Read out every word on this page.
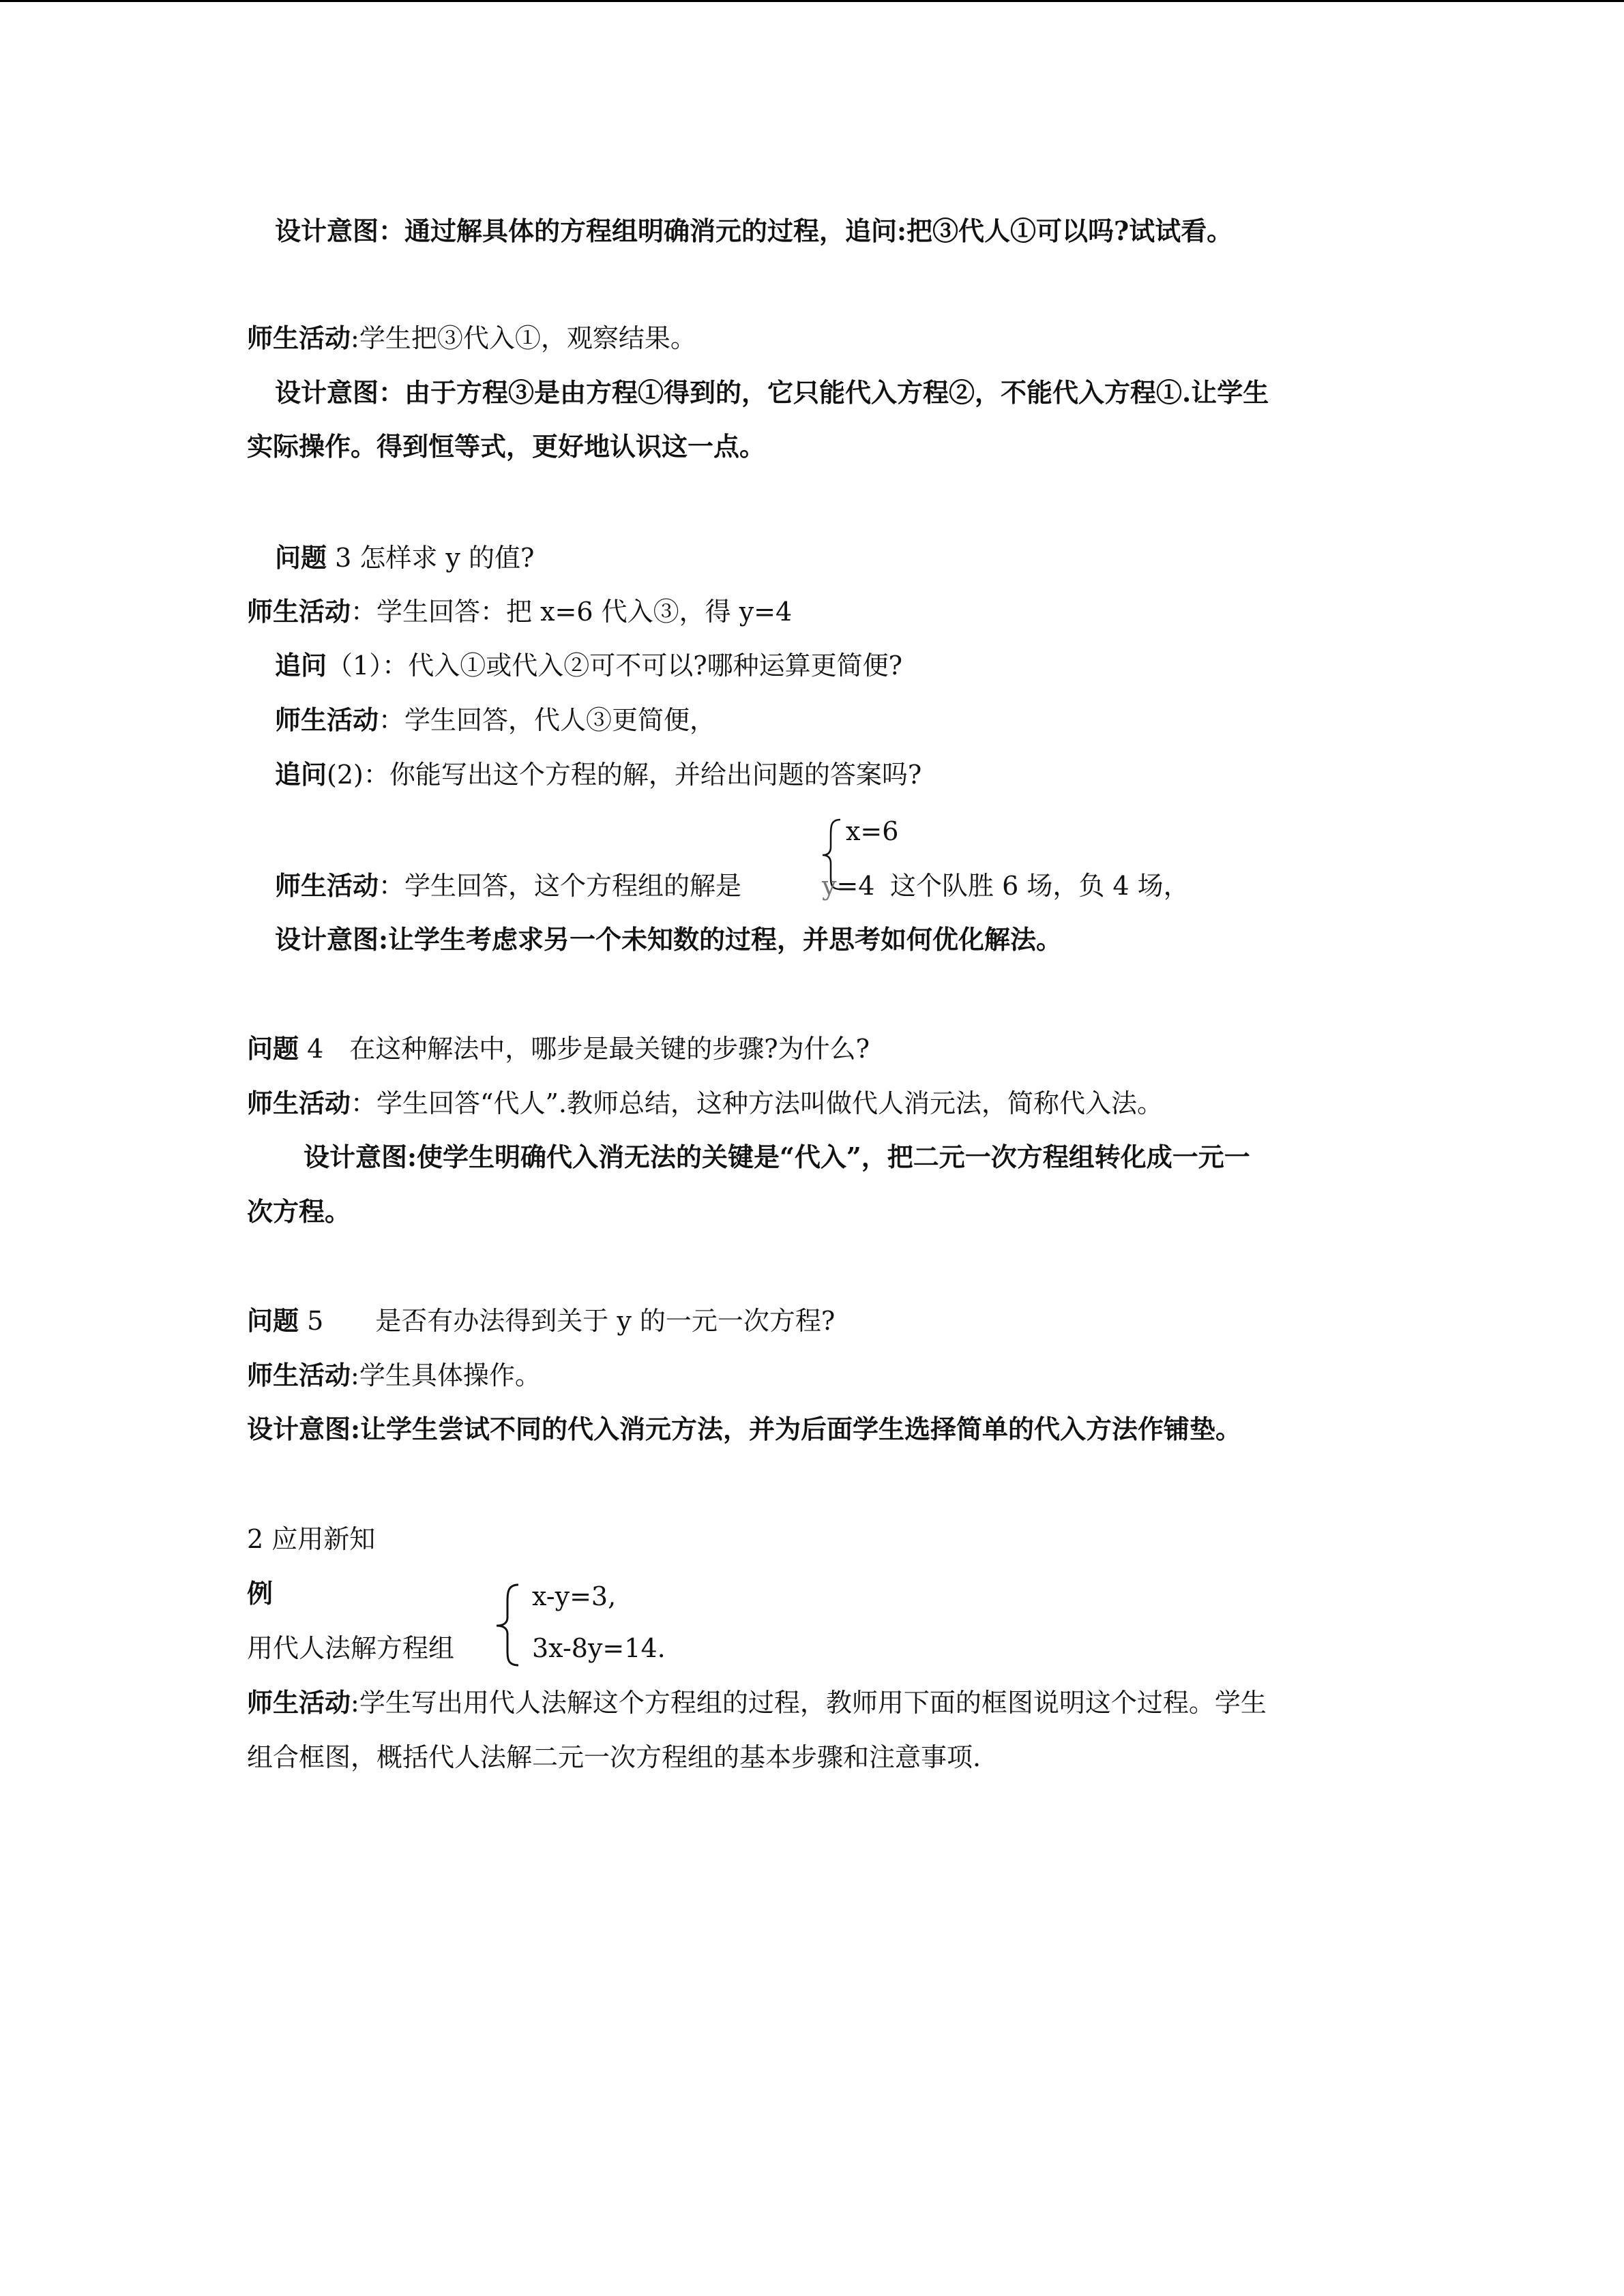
设计意图：通过解具体的方程组明确消元的过程，追问:把③代人①可以吗?试试看。
师生活动:学生把③代入①，观察结果。
设计意图：由于方程③是由方程①得到的，它只能代入方程②，不能代入方程①.让学生
实际操作。得到恒等式，更好地认识这一点。
问题 3 怎样求 y 的值?
师生活动：学生回答：把 x=6 代入③，得 y=4
追问（1）：代入①或代入②可不可以?哪种运算更简便?
师生活动：学生回答，代人③更简便，
追问(2)：你能写出这个方程的解，并给出问题的答案吗?
x=6
师生活动：学生回答，这个方程组的解是	y=4 这个队胜 6 场，负 4 场，
设计意图:让学生考虑求另一个未知数的过程，并思考如何优化解法。
问题 4　在这种解法中，哪步是最关键的步骤?为什么?
师生活动：学生回答“代人”.教师总结，这种方法叫做代人消元法，简称代入法。
设计意图:使学生明确代入消无法的关键是“代入”，把二元一次方程组转化成一元一
次方程。
问题 5　　是否有办法得到关于 y 的一元一次方程?
师生活动:学生具体操作。
设计意图:让学生尝试不同的代入消元方法，并为后面学生选择简单的代入方法作铺垫。
2 应用新知
例	x-y=3,
用代人法解方程组	3x-8y=14.
师生活动:学生写出用代人法解这个方程组的过程，教师用下面的框图说明这个过程。学生
组合框图，概括代人法解二元一次方程组的基本步骤和注意事项.
